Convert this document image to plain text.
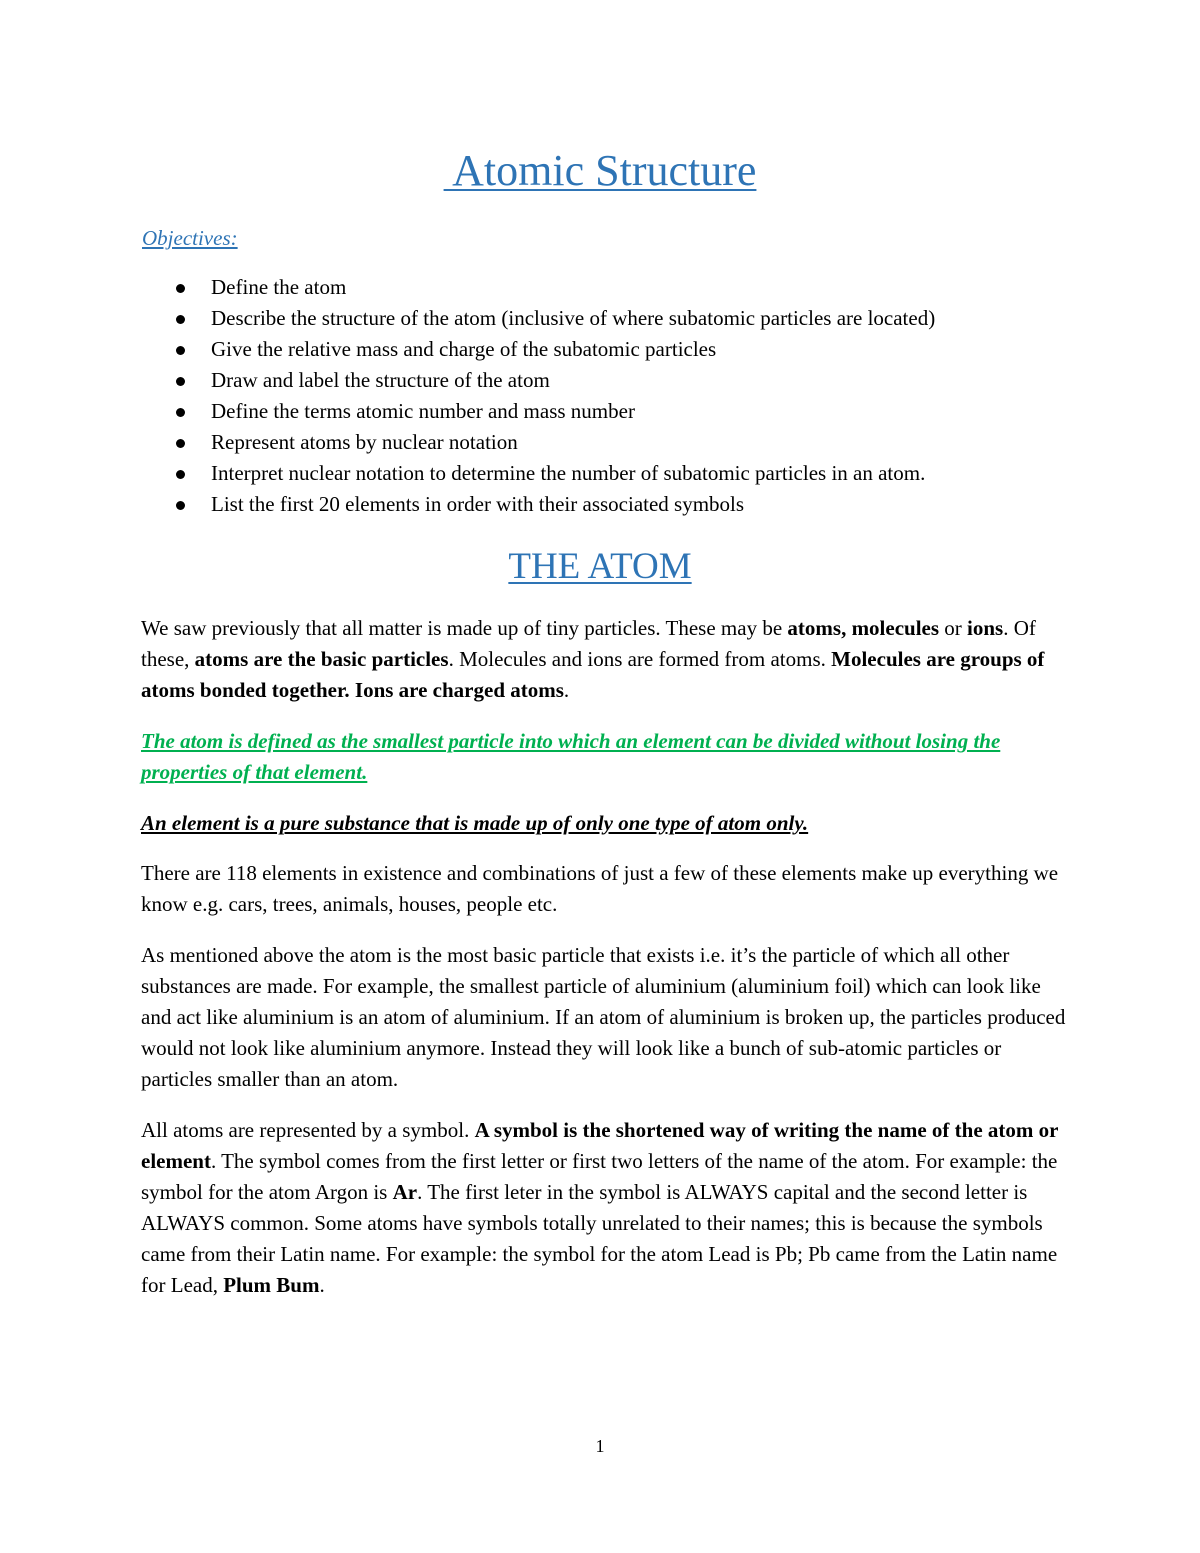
Atomic Structure
Objectives:
Define the atom
Describe the structure of the atom (inclusive of where subatomic particles are located)
Give the relative mass and charge of the subatomic particles
Draw and label the structure of the atom
Define the terms atomic number and mass number
Represent atoms by nuclear notation
Interpret nuclear notation to determine the number of subatomic particles in an atom.
List the first 20 elements in order with their associated symbols
THE ATOM

We saw previously that all matter is made up of tiny particles. These may be atoms, molecules or ions. Of these, atoms are the basic particles. Molecules and ions are formed from atoms. Molecules are groups of atoms bonded together. Ions are charged atoms.

The atom is defined as the smallest particle into which an element can be divided without losing the properties of that element.

An element is a pure substance that is made up of only one type of atom only.

There are 118 elements in existence and combinations of just a few of these elements make up everything we know e.g. cars, trees, animals, houses, people etc.

As mentioned above the atom is the most basic particle that exists i.e. it’s the particle of which all other substances are made. For example, the smallest particle of aluminium (aluminium foil) which can look like and act like aluminium is an atom of aluminium. If an atom of aluminium is broken up, the particles produced would not look like aluminium anymore. Instead they will look like a bunch of sub-atomic particles or particles smaller than an atom.

All atoms are represented by a symbol. A symbol is the shortened way of writing the name of the atom or element. The symbol comes from the first letter or first two letters of the name of the atom. For example: the symbol for the atom Argon is Ar. The first leter in the symbol is ALWAYS capital and the second letter is ALWAYS common. Some atoms have symbols totally unrelated to their names; this is because the symbols came from their Latin name. For example: the symbol for the atom Lead is Pb; Pb came from the Latin name for Lead, Plum Bum.

1
